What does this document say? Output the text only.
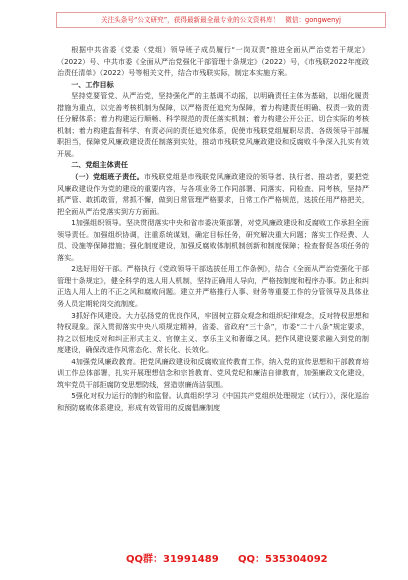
关注头条号“公文研究”，获得最新最全最专业的公文资料库！ 微信：gongwenyj

根据中共省委《党委（党组）领导班子成员履行“一岗双责”推进全面从严治党若干规定》（2022）号、中共市委《全面从严治党强化干部管理十条规定》（2022）号，《市残联2022年度政治责任清单》（2022）号等相关文件，结合市残联实际，制定本实施方案。

一、工作目标

坚持党要管党、从严治党，坚持强化严的主基调不动摇，以明确责任主体为基础，以细化履责措施为重点，以完善考核机制为保障，以严格责任追究为保障，着力构建责任明确、权责一致的责任分解体系；着力构建运行顺畅、科学规范的责任落实机制；着力构建公开公正、切合实际的考核机制；着力构建监督科学、有责必问的责任追究体系，促使市残联党组履职尽责、各级领导干部履职担当，保障党风廉政建设责任制落到实处，推动市残联党风廉政建设和反腐败斗争深入扎实有效开展。

二、党组主体责任

（一）党组班子责任。市残联党组是市残联党风廉政建设的领导者、执行者、推动者，要把党风廉政建设作为党的建设的重要内容，与各项业务工作同部署、同落实、同检查、同考核，坚持严抓严管、敢抓敢管，常抓不懈，做到日常管理严格要求，日常工作严格规范，选拔任用严格把关，把全面从严治党落实到方方面面。

1加强组织领导。坚决贯彻落实中央和省市委决策部署，对党风廉政建设和反腐败工作承担全面领导责任。加强组织协调，注重系统谋划，确定目标任务，研究解决重大问题；落实工作经费、人员、设施等保障措施；强化制度建设，加强反腐败体制机制创新和制度保障；检查督促各项任务的落实。

2选好用好干部。严格执行《党政领导干部选拔任用工作条例》，结合《全面从严治党强化干部管理十条规定》，健全科学的选人用人机制，坚持正确用人导向，严格按制度和程序办事。防止和纠正选人用人上的不正之风和腐败问题。建立并严格推行人事、财务等重要工作的分管领导及具体业务人员定期轮岗交流制度。

3抓好作风建设。大力弘扬党的优良作风，牢固树立群众观念和组织纪律观念，反对特权思想和特权现象。深入贯彻落实中央八项规定精神，省委、省政府“三十条”，市委“二十八条”规定要求，持之以恒地反对和纠正形式主义、官僚主义、享乐主义和奢靡之风。把作风建设要求融入到党的制度建设，确保改进作风常态化、常长化、长效化。

4加强党风廉政教育。把党风廉政建设和反腐败宣传教育工作，纳入党的宣传思想和干部教育培训工作总体部署，扎实开展理想信念和宗旨教育、党风党纪和廉洁自律教育，加强廉政文化建设，筑牢党员干部拒腐防变思想防线，营造崇廉尚洁氛围。

5强化对权力运行的制约和监督。认真组织学习《中国共产党组织处理规定（试行）》，深化巡治和预防腐败体系建设，形成有效管用的反腐倡廉制度

QQ群：31991489 QQ：535304092
